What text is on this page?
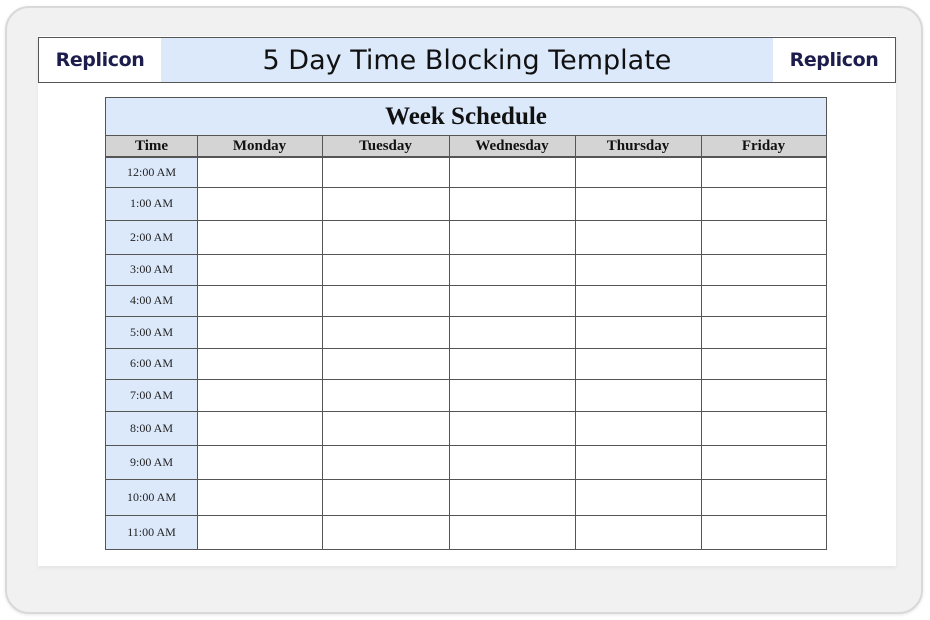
Replicon	5 Day Time Blocking Template	Replicon
Week Schedule
Time	Monday	Tuesday	Wednesday	Thursday	Friday
12:00 AM
1:00 AM
2:00 AM
3:00 AM
4:00 AM
5:00 AM
6:00 AM
7:00 AM
8:00 AM
9:00 AM
10:00 AM
11:00 AM
